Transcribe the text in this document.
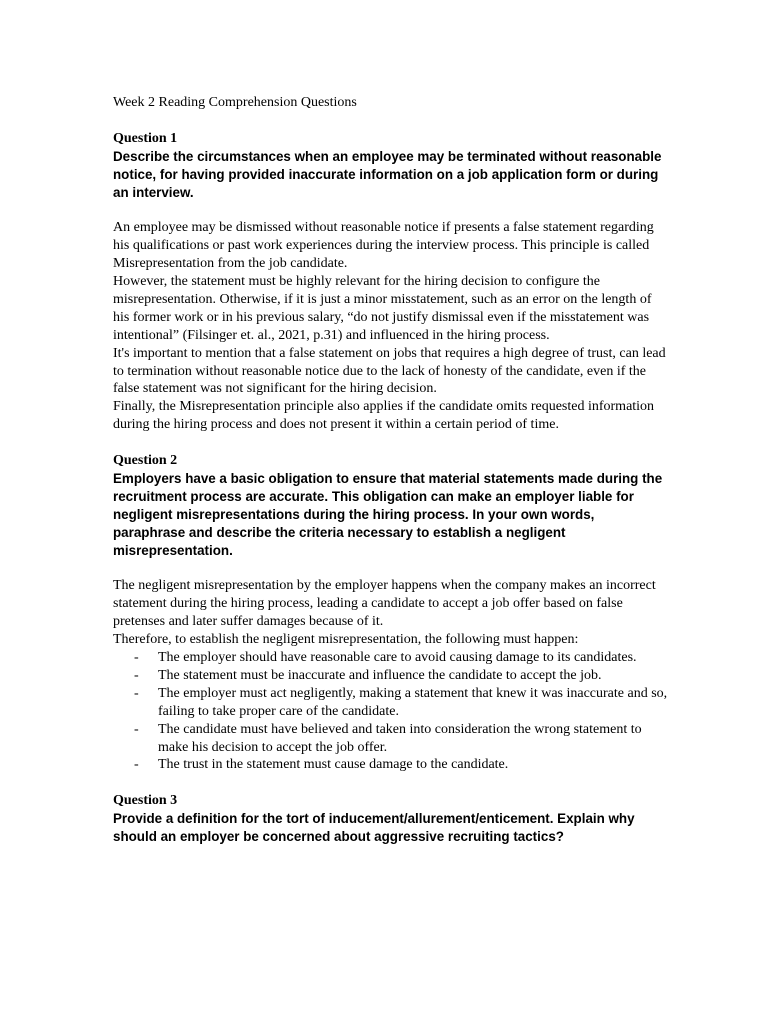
Week 2 Reading Comprehension Questions
Question 1
Describe the circumstances when an employee may be terminated without reasonable notice, for having provided inaccurate information on a job application form or during an interview.

An employee may be dismissed without reasonable notice if presents a false statement regarding his qualifications or past work experiences during the interview process. This principle is called Misrepresentation from the job candidate.

However, the statement must be highly relevant for the hiring decision to configure the misrepresentation. Otherwise, if it is just a minor misstatement, such as an error on the length of his former work or in his previous salary, “do not justify dismissal even if the misstatement was intentional” (Filsinger et. al., 2021, p.31) and influenced in the hiring process.

It's important to mention that a false statement on jobs that requires a high degree of trust, can lead to termination without reasonable notice due to the lack of honesty of the candidate, even if the false statement was not significant for the hiring decision.

Finally, the Misrepresentation principle also applies if the candidate omits requested information during the hiring process and does not present it within a certain period of time.

Question 2
Employers have a basic obligation to ensure that material statements made during the recruitment process are accurate. This obligation can make an employer liable for negligent misrepresentations during the hiring process. In your own words, paraphrase and describe the criteria necessary to establish a negligent misrepresentation.

The negligent misrepresentation by the employer happens when the company makes an incorrect statement during the hiring process, leading a candidate to accept a job offer based on false pretenses and later suffer damages because of it.

Therefore, to establish the negligent misrepresentation, the following must happen:

- The employer should have reasonable care to avoid causing damage to its candidates.
- The statement must be inaccurate and influence the candidate to accept the job.
- The employer must act negligently, making a statement that knew it was inaccurate and so, failing to take proper care of the candidate.
- The candidate must have believed and taken into consideration the wrong statement to make his decision to accept the job offer.
- The trust in the statement must cause damage to the candidate.
Question 3
Provide a definition for the tort of inducement/allurement/enticement. Explain why should an employer be concerned about aggressive recruiting tactics?
